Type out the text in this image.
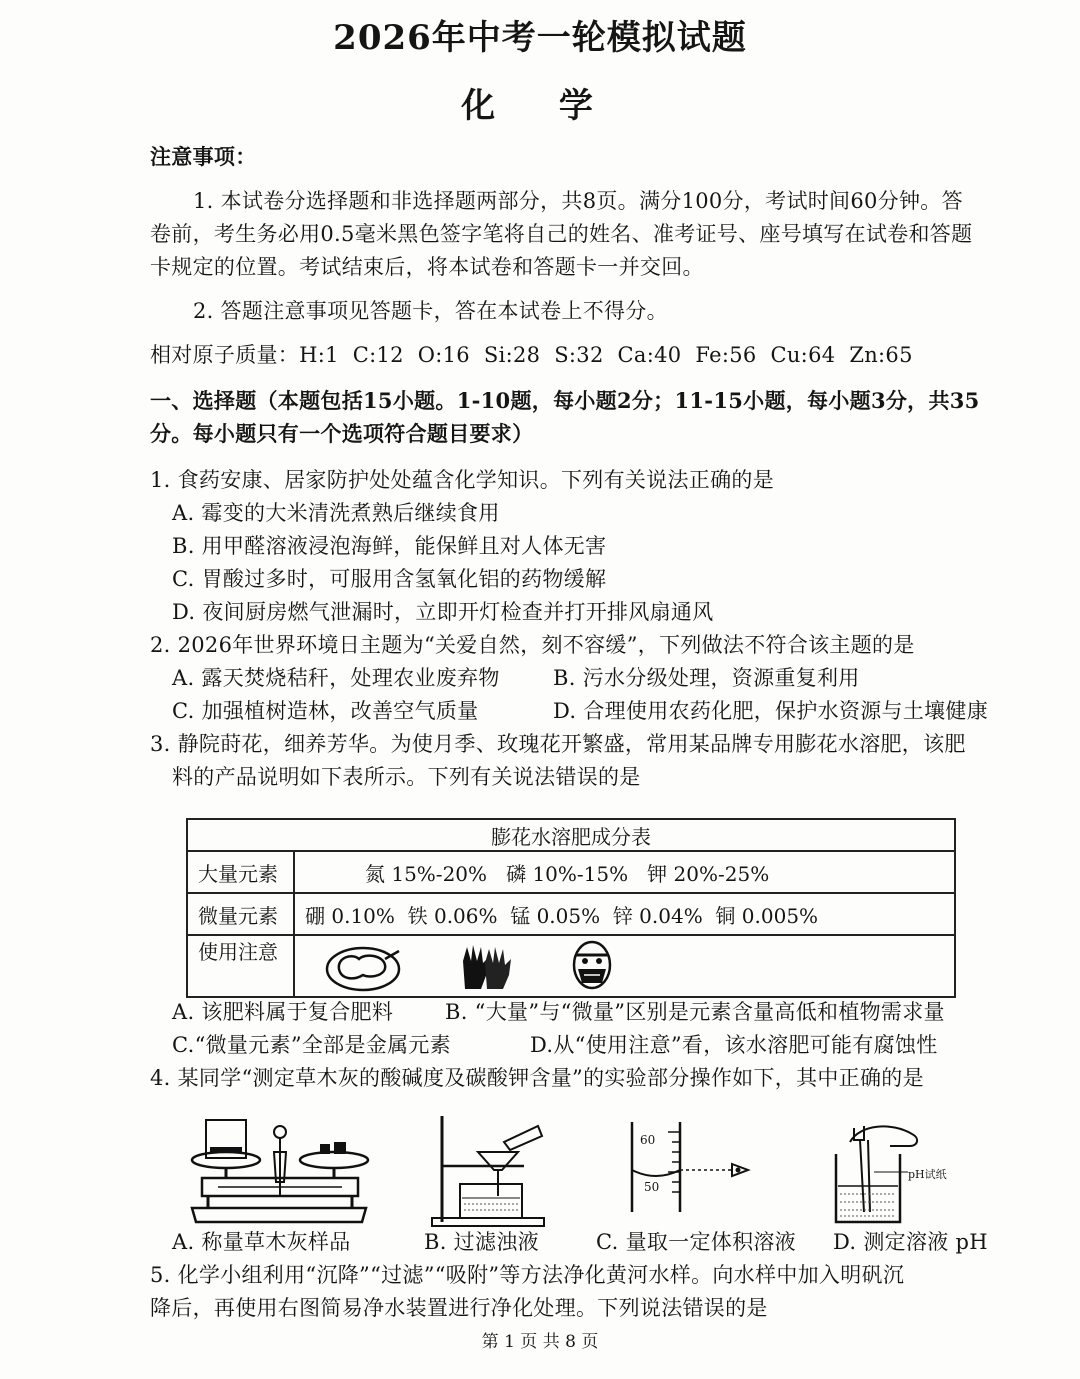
2026年中考一轮模拟试题
化 学
注意事项：
1. 本试卷分选择题和非选择题两部分，共8页。满分100分，考试时间60分钟。答
卷前，考生务必用0.5毫米黑色签字笔将自己的姓名、准考证号、座号填写在试卷和答题
卡规定的位置。考试结束后，将本试卷和答题卡一并交回。
2. 答题注意事项见答题卡，答在本试卷上不得分。
相对原子质量：H:1  C:12  O:16  Si:28  S:32  Ca:40  Fe:56  Cu:64  Zn:65
一、选择题（本题包括15小题。1-10题，每小题2分；11-15小题，每小题3分，共35
分。每小题只有一个选项符合题目要求）
1. 食药安康、居家防护处处蕴含化学知识。下列有关说法正确的是
A. 霉变的大米清洗煮熟后继续食用
B. 用甲醛溶液浸泡海鲜，能保鲜且对人体无害
C. 胃酸过多时，可服用含氢氧化铝的药物缓解
D. 夜间厨房燃气泄漏时，立即开灯检查并打开排风扇通风
2. 2026年世界环境日主题为“关爱自然，刻不容缓”，下列做法不符合该主题的是
A. 露天焚烧秸秆，处理农业废弃物	B. 污水分级处理，资源重复利用
C. 加强植树造林，改善空气质量	D. 合理使用农药化肥，保护水资源与土壤健康
3. 静院莳花，细养芳华。为使月季、玫瑰花开繁盛，常用某品牌专用膨花水溶肥，该肥
料的产品说明如下表所示。下列有关说法错误的是
膨花水溶肥成分表	
大量元素	氮 15%-20%   磷 10%-15%   钾 20%-25%
微量元素	硼 0.10%  铁 0.06%  锰 0.05%  锌 0.04%  铜 0.005%
使用注意	
A. 该肥料属于复合肥料 B. “大量”与“微量”区别是元素含量高低和植物需求量
C.“微量元素”全部是金属元素	D.从“使用注意”看，该水溶肥可能有腐蚀性
4. 某同学“测定草木灰的酸碱度及碳酸钾含量”的实验部分操作如下，其中正确的是
60
50
pH试纸
A. 称量草木灰样品	B. 过滤浊液	C. 量取一定体积溶液 D. 测定溶液 pH
5. 化学小组利用“沉降”“过滤”“吸附”等方法净化黄河水样。向水样中加入明矾沉
降后，再使用右图简易净水装置进行净化处理。下列说法错误的是
第 1 页 共 8 页
